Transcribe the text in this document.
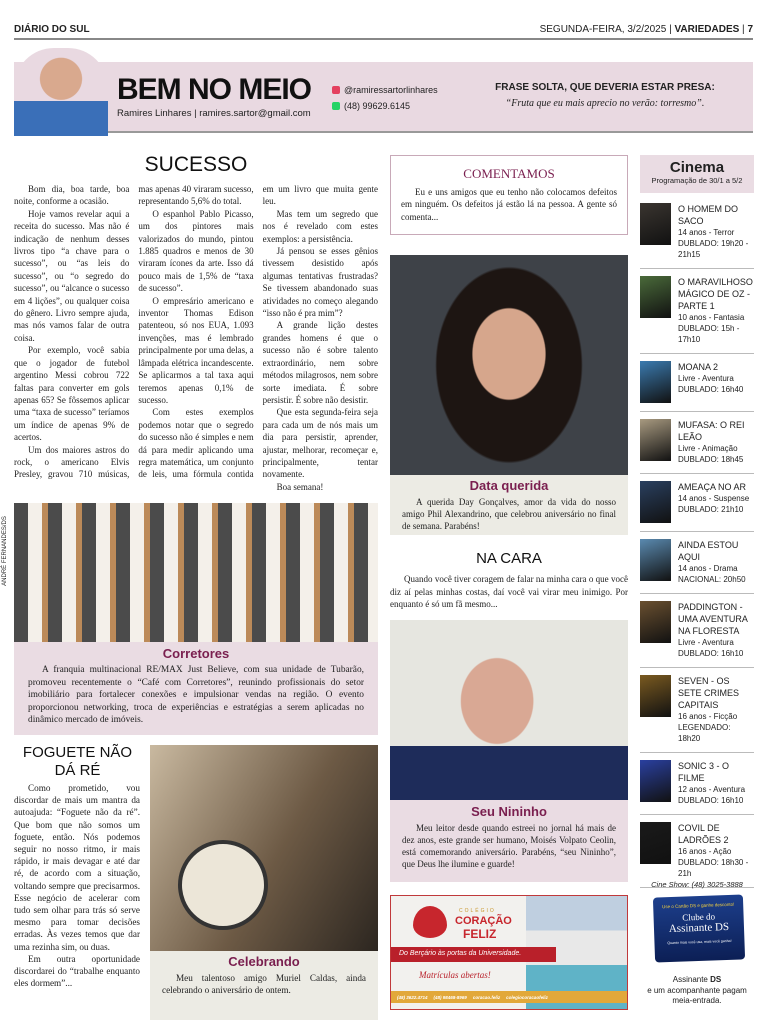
DIÁRIO DO SUL	SEGUNDA-FEIRA, 3/2/2025 | VARIEDADES | 7
BEM NO MEIO
Ramires Linhares | ramires.sartor@gmail.com
@ramiressartorlinhares
(48) 99629.6145
FRASE SOLTA, QUE DEVERIA ESTAR PRESA:
“Fruta que eu mais aprecio no verão: torresmo”.
SUCESSO

Bom dia, boa tarde, boa noite, conforme a ocasião.

Hoje vamos revelar aqui a receita do sucesso. Mas não é indicação de nenhum desses livros tipo “a chave para o sucesso”, ou “as leis do sucesso”, ou “o segredo do sucesso”, ou “alcance o sucesso em 4 lições”, ou qualquer coisa do gênero. Livro sempre ajuda, mas nós vamos falar de outra coisa.

Por exemplo, você sabia que o jogador de futebol argentino Messi cobrou 722 faltas para converter em gols apenas 65? Se fôssemos aplicar uma “taxa de sucesso” teríamos um índice de apenas 9% de acertos.

Um dos maiores astros do rock, o americano Elvis Presley, gravou 710 músicas, mas apenas 40 viraram sucesso, representando 5,6% do total.

O espanhol Pablo Picasso, um dos pintores mais valorizados do mundo, pintou 1.885 quadros e menos de 30 viraram ícones da arte. Isso dá pouco mais de 1,5% de “taxa de sucesso”.

O empresário americano e inventor Thomas Edison patenteou, só nos EUA, 1.093 invenções, mas é lembrado principalmente por uma delas, a lâmpada elétrica incandescente. Se aplicarmos a tal taxa aqui teremos apenas 0,1% de sucesso.

Com estes exemplos podemos notar que o segredo do sucesso não é simples e nem dá para medir aplicando uma regra matemática, um conjunto de leis, uma fórmula contida em um livro que muita gente leu.

Mas tem um segredo que nos é revelado com estes exemplos: a persistência.

Já pensou se esses gênios tivessem desistido após algumas tentativas frustradas? Se tivessem abandonado suas atividades no começo alegando “isso não é pra mim”?

A grande lição destes grandes homens é que o sucesso não é sobre talento extraordinário, nem sobre métodos milagrosos, nem sobre sorte imediata. É sobre persistir. É sobre não desistir.

Que esta segunda-feira seja para cada um de nós mais um dia para persistir, aprender, ajustar, melhorar, recomeçar e, principalmente, tentar novamente.

Boa semana!

ANDRÉ FERNANDES/DS
Corretores

A franquia multinacional RE/MAX Just Believe, com sua unidade de Tubarão, promoveu recentemente o “Café com Corretores”, reunindo profissionais do setor imobiliário para fortalecer conexões e impulsionar vendas na região. O evento proporcionou networking, troca de experiências e estratégias a serem aplicadas no dinâmico mercado de imóveis.

FOGUETE NÃO DÁ RÉ

Como prometido, vou discordar de mais um mantra da autoajuda: “Foguete não da ré”. Que bom que não somos um foguete, então. Nós podemos seguir no nosso ritmo, ir mais rápido, ir mais devagar e até dar ré, de acordo com a situação, voltando sempre que precisarmos. Esse negócio de acelerar com tudo sem olhar para trás só serve mesmo para tomar decisões erradas. Às vezes temos que dar uma rezinha sim, ou duas.

Em outra oportunidade discordarei do “trabalhe enquanto eles dormem”...

Celebrando

Meu talentoso amigo Muriel Caldas, ainda celebrando o aniversário de ontem.

COMENTAMOS

Eu e uns amigos que eu tenho não colocamos defeitos em ninguém. Os defeitos já estão lá na pessoa. A gente só comenta...

Data querida

A querida Day Gonçalves, amor da vida do nosso amigo Phil Alexandrino, que celebrou aniversário no final de semana. Parabéns!

NA CARA

Quando você tiver coragem de falar na minha cara o que você diz aí pelas minhas costas, daí você vai virar meu inimigo. Por enquanto é só um fã mesmo...

Seu Nininho

Meu leitor desde quando estreei no jornal há mais de dez anos, este grande ser humano, Moisés Volpato Ceolin, está comemorando aniversário. Parabéns, “seu Nininho”, que Deus lhe ilumine e guarde!

COLÉGIO
CORAÇÃO
FELIZ
Do Berçário às portas da Universidade.
Matrículas abertas!
(48) 3622.4714 (48) 98468-8969 coracao.feliz colegiocoracaofeliz
Cinema
Programação de 30/1 a 5/2
O HOMEM DO SACO
14 anos - Terror
DUBLADO: 19h20 - 21h15
O MARAVILHOSO MÁGICO DE OZ -PARTE 1
10 anos - Fantasia
DUBLADO: 15h - 17h10
MOANA 2
Livre - Aventura
DUBLADO: 16h40
MUFASA: O REI LEÃO
Livre - Animação
DUBLADO: 18h45
AMEAÇA NO AR
14 anos - Suspense
DUBLADO: 21h10
AINDA ESTOU AQUI
14 anos - Drama
NACIONAL: 20h50
PADDINGTON - UMA AVENTURA NA FLORESTA
Livre - Aventura
DUBLADO: 16h10
SEVEN - OS SETE CRIMES CAPITAIS
16 anos - Ficção
LEGENDADO: 18h20
SONIC 3 - O FILME
12 anos - Aventura
DUBLADO: 16h10
COVIL DE LADRÕES 2
16 anos - Ação
DUBLADO: 18h30 - 21h
Cine Show: (48) 3025-3888
Use o Cartão DS e ganhe desconto!
Clube do
Assinante DS
Quanto mais você usa, mais você ganha!
Assinante DS
e um acompanhante pagam meia-entrada.
